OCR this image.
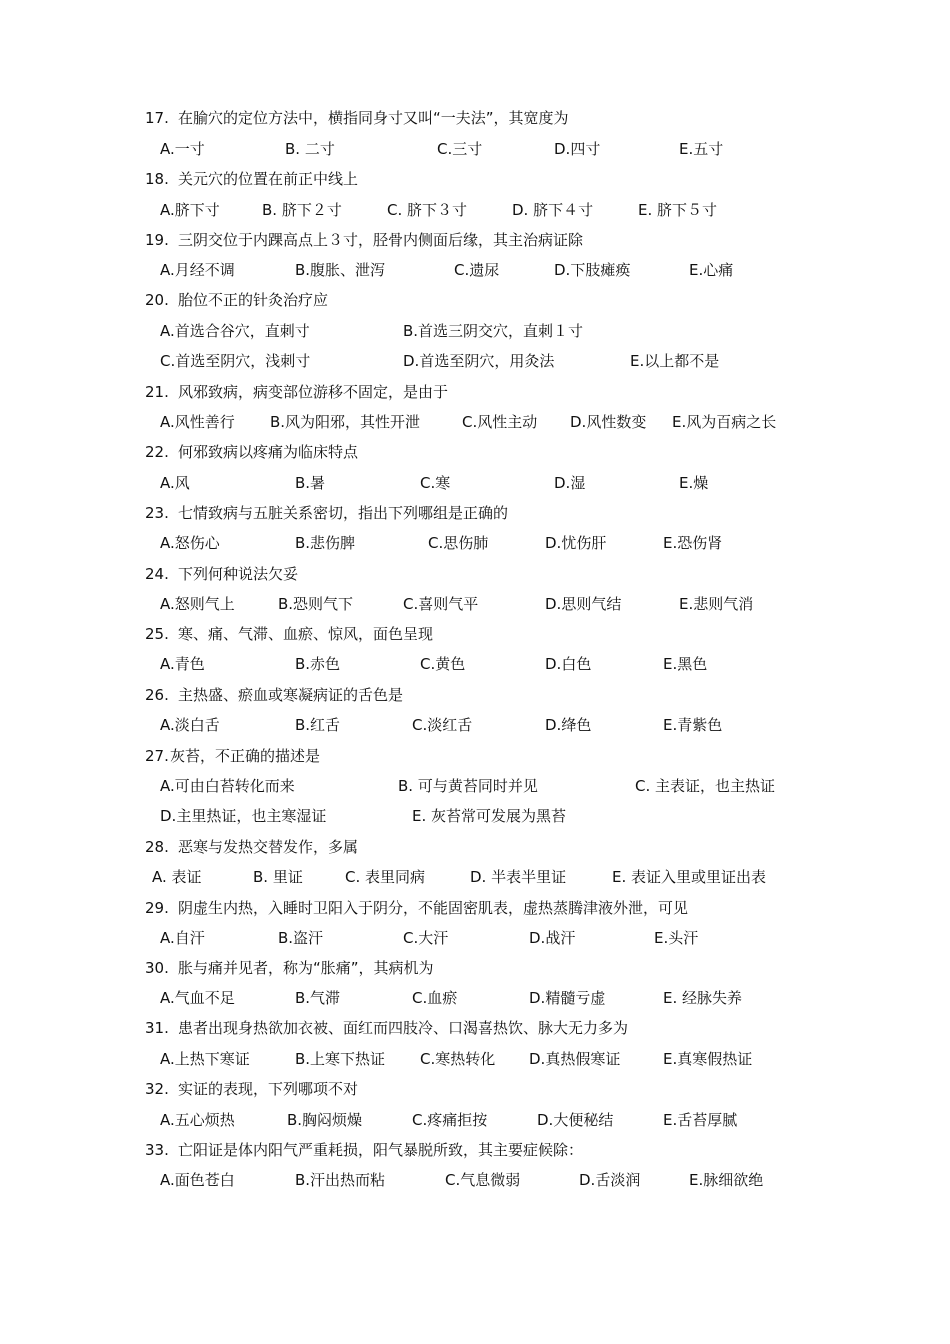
17. 在腧穴的定位方法中，横指同身寸又叫“一夫法”，其宽度为
A.一寸	B. 二寸	C.三寸	D.四寸	E.五寸
18. 关元穴的位置在前正中线上
A.脐下寸	B. 脐下２寸	C. 脐下３寸	D. 脐下４寸	E. 脐下５寸
19. 三阴交位于内踝高点上３寸，胫骨内侧面后缘，其主治病证除
A.月经不调	B.腹胀、泄泻	C.遗尿	D.下肢瘫痪	E.心痛
20. 胎位不正的针灸治疗应
A.首选合谷穴，直刺寸	B.首选三阴交穴，直刺１寸
C.首选至阴穴，浅刺寸	D.首选至阴穴，用灸法	E.以上都不是
21. 风邪致病，病变部位游移不固定，是由于
A.风性善行 B.风为阳邪，其性开泄	C.风性主动 D.风性数变 E.风为百病之长
22. 何邪致病以疼痛为临床特点
A.风	B.暑	C.寒	D.湿	E.燥
23. 七情致病与五脏关系密切，指出下列哪组是正确的
A.怒伤心	B.悲伤脾	C.思伤肺	D.忧伤肝	E.恐伤肾
24. 下列何种说法欠妥
A.怒则气上	B.恐则气下	C.喜则气平	D.思则气结	E.悲则气消
25. 寒、痛、气滞、血瘀、惊风，面色呈现
A.青色	B.赤色	C.黄色	D.白色	E.黑色
26. 主热盛、瘀血或寒凝病证的舌色是
A.淡白舌	B.红舌	C.淡红舌	D.绛色	E.青紫色
27. 灰苔，不正确的描述是
A.可由白苔转化而来	B. 可与黄苔同时并见	C. 主表证，也主热证
D.主里热证，也主寒湿证	E. 灰苔常可发展为黑苔
28. 恶寒与发热交替发作，多属
A. 表证	B. 里证	C. 表里同病	D. 半表半里证	E. 表证入里或里证出表
29. 阴虚生内热，入睡时卫阳入于阴分，不能固密肌表，虚热蒸腾津液外泄，可见
A.自汗	B.盗汗	C.大汗	D.战汗	E.头汗
30. 胀与痛并见者，称为“胀痛”，其病机为
A.气血不足	B.气滞	C.血瘀	D.精髓亏虚	E. 经脉失养
31. 患者出现身热欲加衣被、面红而四肢冷、口渴喜热饮、脉大无力多为
A.上热下寒证	B.上寒下热证 C.寒热转化 D.真热假寒证	E.真寒假热证
32. 实证的表现，下列哪项不对
A.五心烦热	B.胸闷烦燥	C.疼痛拒按	D.大便秘结	E.舌苔厚腻
33. 亡阳证是体内阳气严重耗损，阳气暴脱所致，其主要症候除：
A.面色苍白	B.汗出热而粘	C.气息微弱	D.舌淡润	E.脉细欲绝
